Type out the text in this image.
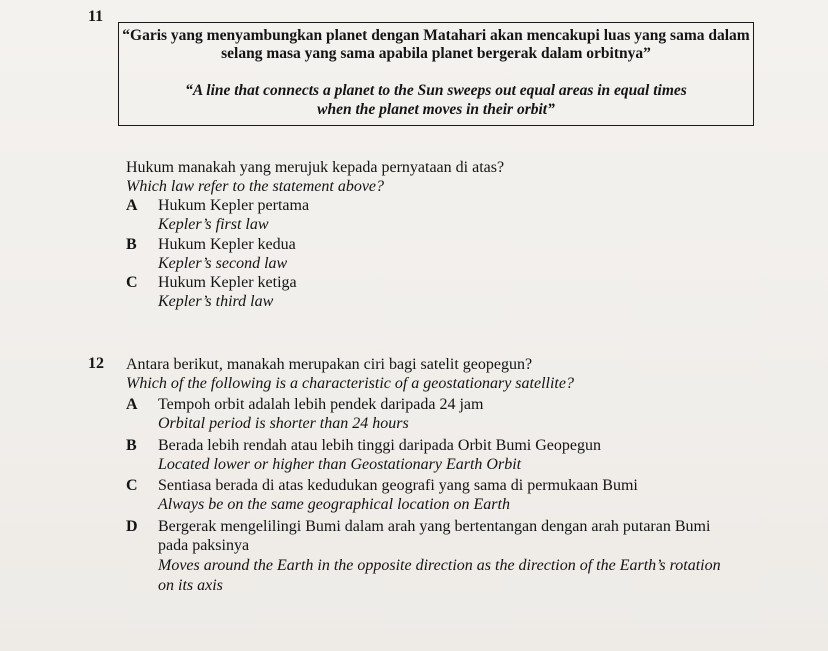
11
“Garis yang menyambungkan planet dengan Matahari akan mencakupi luas yang sama dalam
selang masa yang sama apabila planet bergerak dalam orbitnya”
“A line that connects a planet to the Sun sweeps out equal areas in equal times
when the planet moves in their orbit”
Hukum manakah yang merujuk kepada pernyataan di atas?
Which law refer to the statement above?
A Hukum Kepler pertama
Kepler’s first law
B Hukum Kepler kedua
Kepler’s second law
C Hukum Kepler ketiga
Kepler’s third law
12 Antara berikut, manakah merupakan ciri bagi satelit geopegun?
Which of the following is a characteristic of a geostationary satellite?
A Tempoh orbit adalah lebih pendek daripada 24 jam
Orbital period is shorter than 24 hours
B Berada lebih rendah atau lebih tinggi daripada Orbit Bumi Geopegun
Located lower or higher than Geostationary Earth Orbit
C Sentiasa berada di atas kedudukan geografi yang sama di permukaan Bumi
Always be on the same geographical location on Earth
D Bergerak mengelilingi Bumi dalam arah yang bertentangan dengan arah putaran Bumi
pada paksinya
Moves around the Earth in the opposite direction as the direction of the Earth’s rotation
on its axis
